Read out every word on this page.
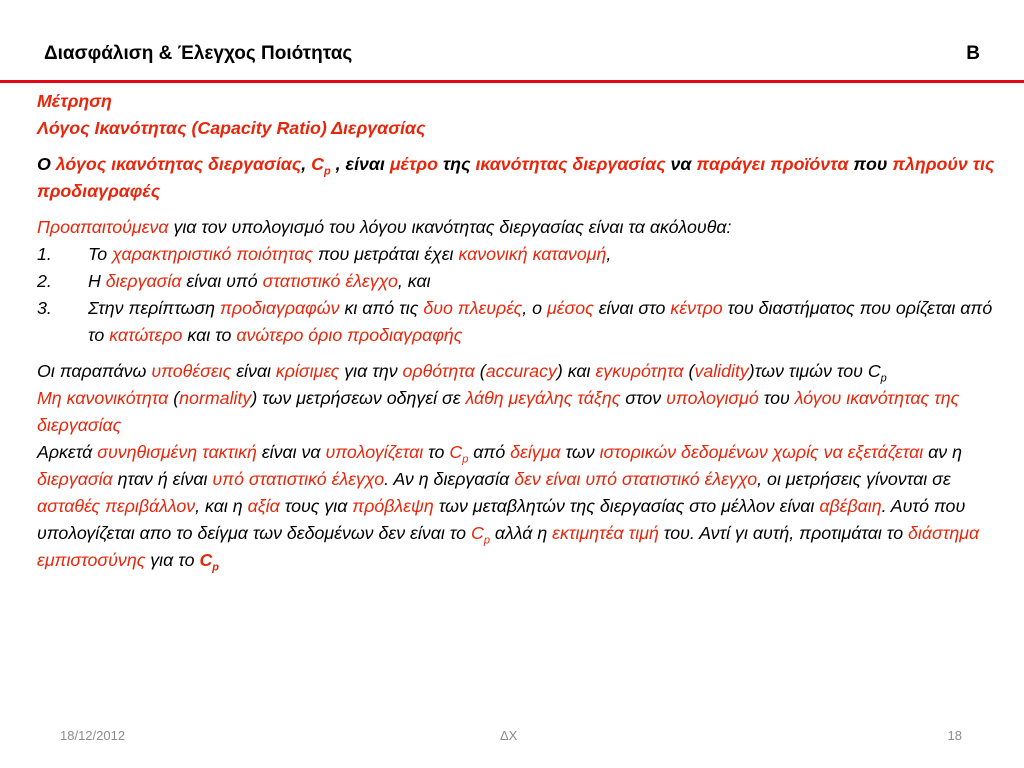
Διασφάλιση & Έλεγχος Ποιότητας	Β

Μέτρηση

Λόγος Ικανότητας (Capacity Ratio) Διεργασίας

Ο λόγος ικανότητας διεργασίας, $C_p$ , είναι μέτρο της ικανότητας διεργασίας να παράγει προϊόντα που πληρούν τις προδιαγραφές

Προαπαιτούμενα για τον υπολογισμό του λόγου ικανότητας διεργασίας είναι τα ακόλουθα:

1. Το χαρακτηριστικό ποιότητας που μετράται έχει κανονική κατανομή,

2. Η διεργασία είναι υπό στατιστικό έλεγχο, και

3. Στην περίπτωση προδιαγραφών κι από τις δυο πλευρές, ο μέσος είναι στο κέντρο του διαστήματος που ορίζεται από το κατώτερο και το ανώτερο όριο προδιαγραφής

Οι παραπάνω υποθέσεις είναι κρίσιμες για την ορθότητα (accuracy) και εγκυρότητα (validity)των τιμών του $C_p$

Μη κανονικότητα (normality) των μετρήσεων οδηγεί σε λάθη μεγάλης τάξης στον υπολογισμό του λόγου ικανότητας της διεργασίας

Αρκετά συνηθισμένη τακτική είναι να υπολογίζεται το $C_p$ από δείγμα των ιστορικών δεδομένων χωρίς να εξετάζεται αν η διεργασία ηταν ή είναι υπό στατιστικό έλεγχο. Αν η διεργασία δεν είναι υπό στατιστικό έλεγχο, οι μετρήσεις γίνονται σε ασταθές περιβάλλον, και η αξία τους για πρόβλεψη των μεταβλητών της διεργασίας στο μέλλον είναι αβέβαιη. Αυτό που υπολογίζεται απο το δείγμα των δεδομένων δεν είναι το $C_p$ αλλά η εκτιμητέα τιμή του. Αντί γι αυτή, προτιμάται το διάστημα εμπιστοσύνης για το $C_p$

18/12/2012	ΔΧ	18
